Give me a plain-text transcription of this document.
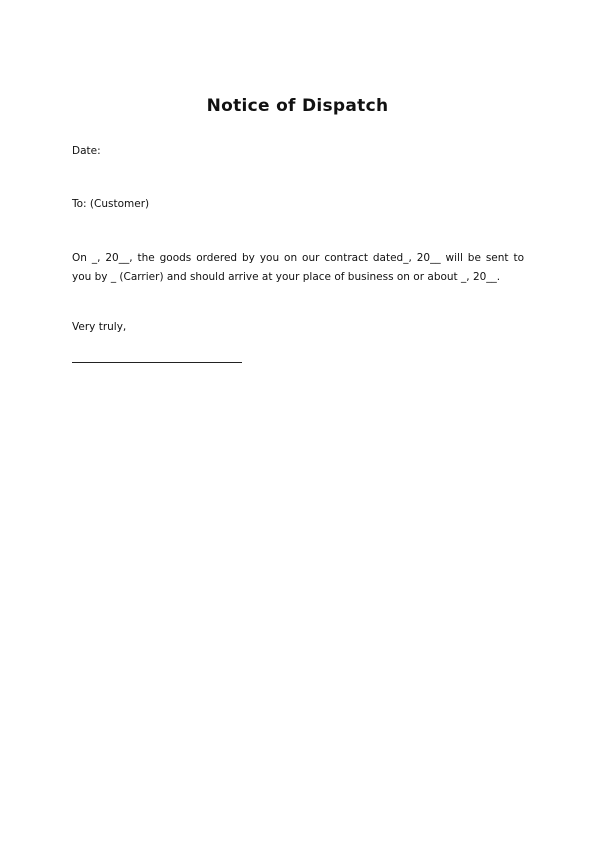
Notice of Dispatch
Date:
To: (Customer)
On _, 20__, the goods ordered by you on our contract dated_, 20__ will be sent to
you by _ (Carrier) and should arrive at your place of business on or about _, 20__.
Very truly,
